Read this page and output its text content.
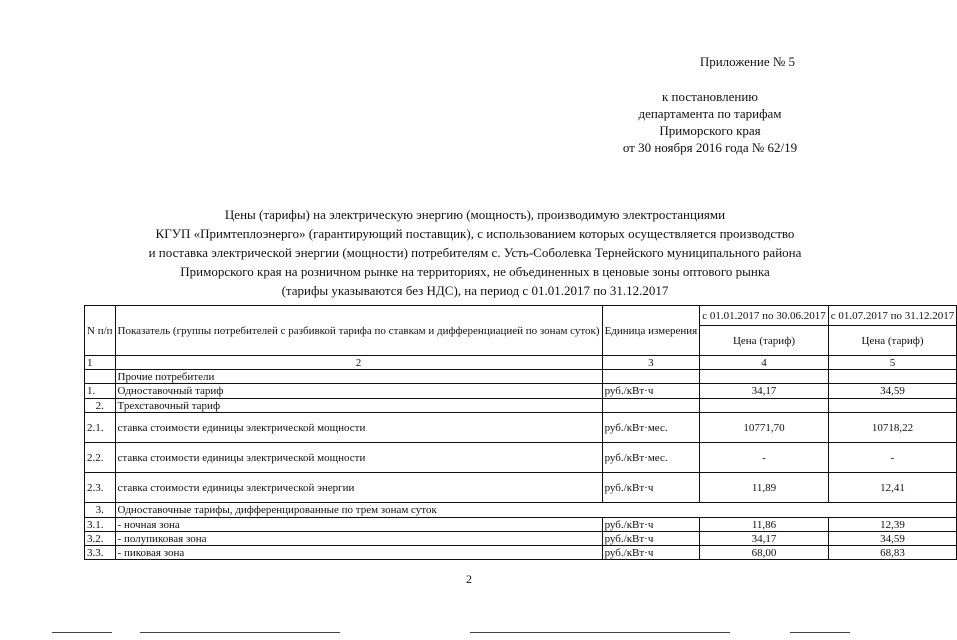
Приложение № 5
к постановлению
департамента по тарифам
Приморского края
от 30 ноября 2016 года № 62/19
Цены (тарифы) на электрическую энергию (мощность), производимую электростанциями
КГУП «Примтеплоэнерго» (гарантирующий поставщик), с использованием которых осуществляется производство
и поставка электрической энергии (мощности) потребителям с. Усть-Соболевка Тернейского муниципального района
Приморского края на розничном рынке на территориях, не объединенных в ценовые зоны оптового рынка
(тарифы указываются без НДС), на период с 01.01.2017 по 31.12.2017
N п/п	Показатель (группы потребителей с разбивкой тарифа по ставкам и дифференциацией по зонам суток)	Единица измерения	с 01.01.2017 по 30.06.2017	с 01.07.2017 по 31.12.2017
			Цена (тариф)	Цена (тариф)
1	2	3	4	5
	Прочие потребители			
1.	Одноставочный тариф	руб./кВт·ч	34,17	34,59
2.	Трехставочный тариф			
2.1.	ставка стоимости единицы электрической мощности	руб./кВт·мес.	10771,70	10718,22
2.2.	ставка стоимости единицы электрической мощности	руб./кВт·мес.	-	-
2.3.	ставка стоимости единицы электрической энергии	руб./кВт·ч	11,89	12,41
3.	Одноставочные тарифы, дифференцированные по трем зонам суток			
3.1.	- ночная зона	руб./кВт·ч	11,86	12,39
3.2.	- полупиковая зона	руб./кВт·ч	34,17	34,59
3.3.	- пиковая зона	руб./кВт·ч	68,00	68,83
2
